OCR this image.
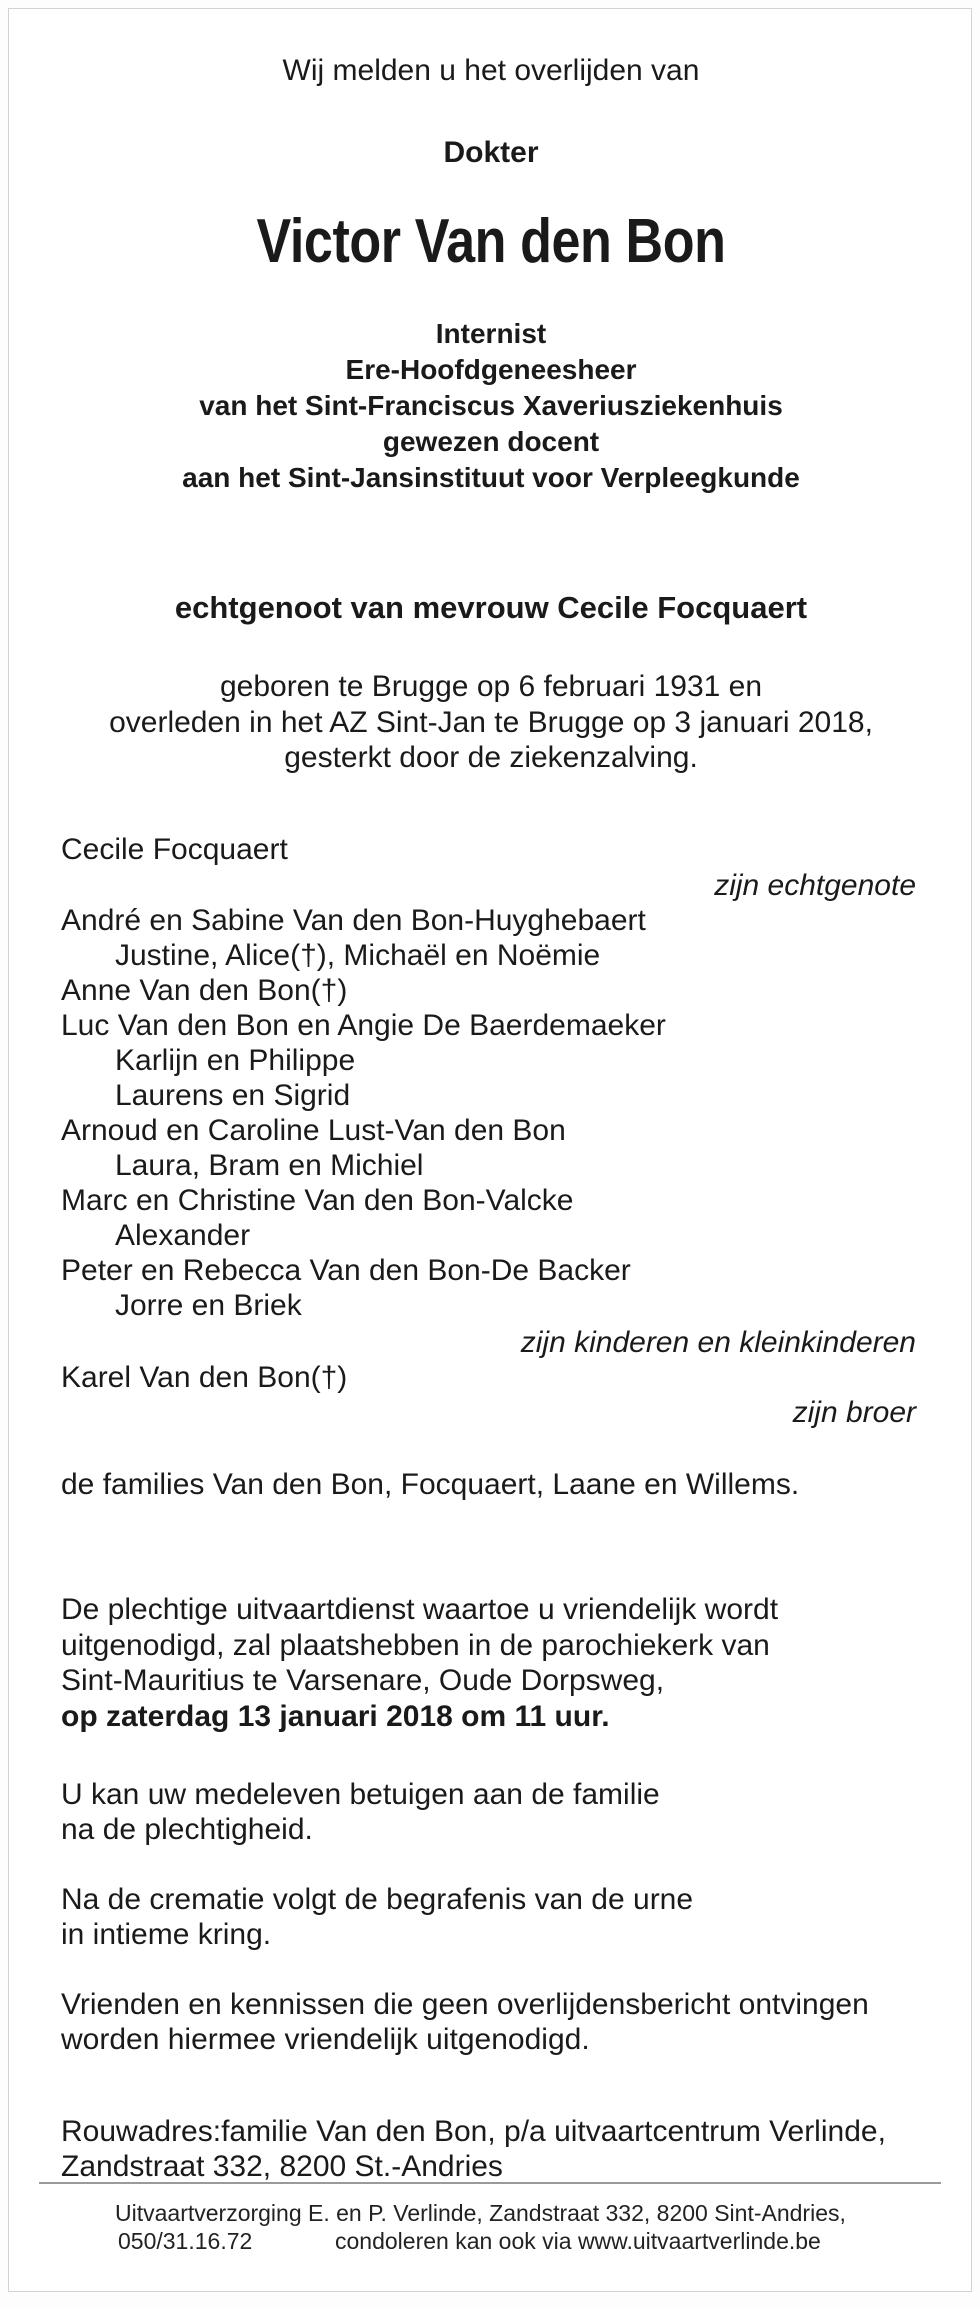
Wij melden u het overlijden van

Dokter

Victor Van den Bon

Internist

Ere-Hoofdgeneesheer

van het Sint-Franciscus Xaveriusziekenhuis

gewezen docent

aan het Sint-Jansinstituut voor Verpleegkunde

echtgenoot van mevrouw Cecile Focquaert

geboren te Brugge op 6 februari 1931 en

overleden in het AZ Sint-Jan te Brugge op 3 januari 2018,

gesterkt door de ziekenzalving.

Cecile Focquaert

zijn echtgenote

André en Sabine Van den Bon-Huyghebaert

Justine, Alice(†), Michaël en Noëmie

Anne Van den Bon(†)

Luc Van den Bon en Angie De Baerdemaeker

Karlijn en Philippe

Laurens en Sigrid

Arnoud en Caroline Lust-Van den Bon

Laura, Bram en Michiel

Marc en Christine Van den Bon-Valcke

Alexander

Peter en Rebecca Van den Bon-De Backer

Jorre en Briek

zijn kinderen en kleinkinderen

Karel Van den Bon(†)

zijn broer

de families Van den Bon, Focquaert, Laane en Willems.

De plechtige uitvaartdienst waartoe u vriendelijk wordt

uitgenodigd, zal plaatshebben in de parochiekerk van

Sint-Mauritius te Varsenare, Oude Dorpsweg,

op zaterdag 13 januari 2018 om 11 uur.

U kan uw medeleven betuigen aan de familie

na de plechtigheid.

Na de crematie volgt de begrafenis van de urne

in intieme kring.

Vrienden en kennissen die geen overlijdensbericht ontvingen

worden hiermee vriendelijk uitgenodigd.

Rouwadres:familie Van den Bon, p/a uitvaartcentrum Verlinde,

Zandstraat 332, 8200 St.-Andries

Uitvaartverzorging E. en P. Verlinde, Zandstraat 332, 8200 Sint-Andries,

050/31.16.72	condoleren kan ook via www.uitvaartverlinde.be
